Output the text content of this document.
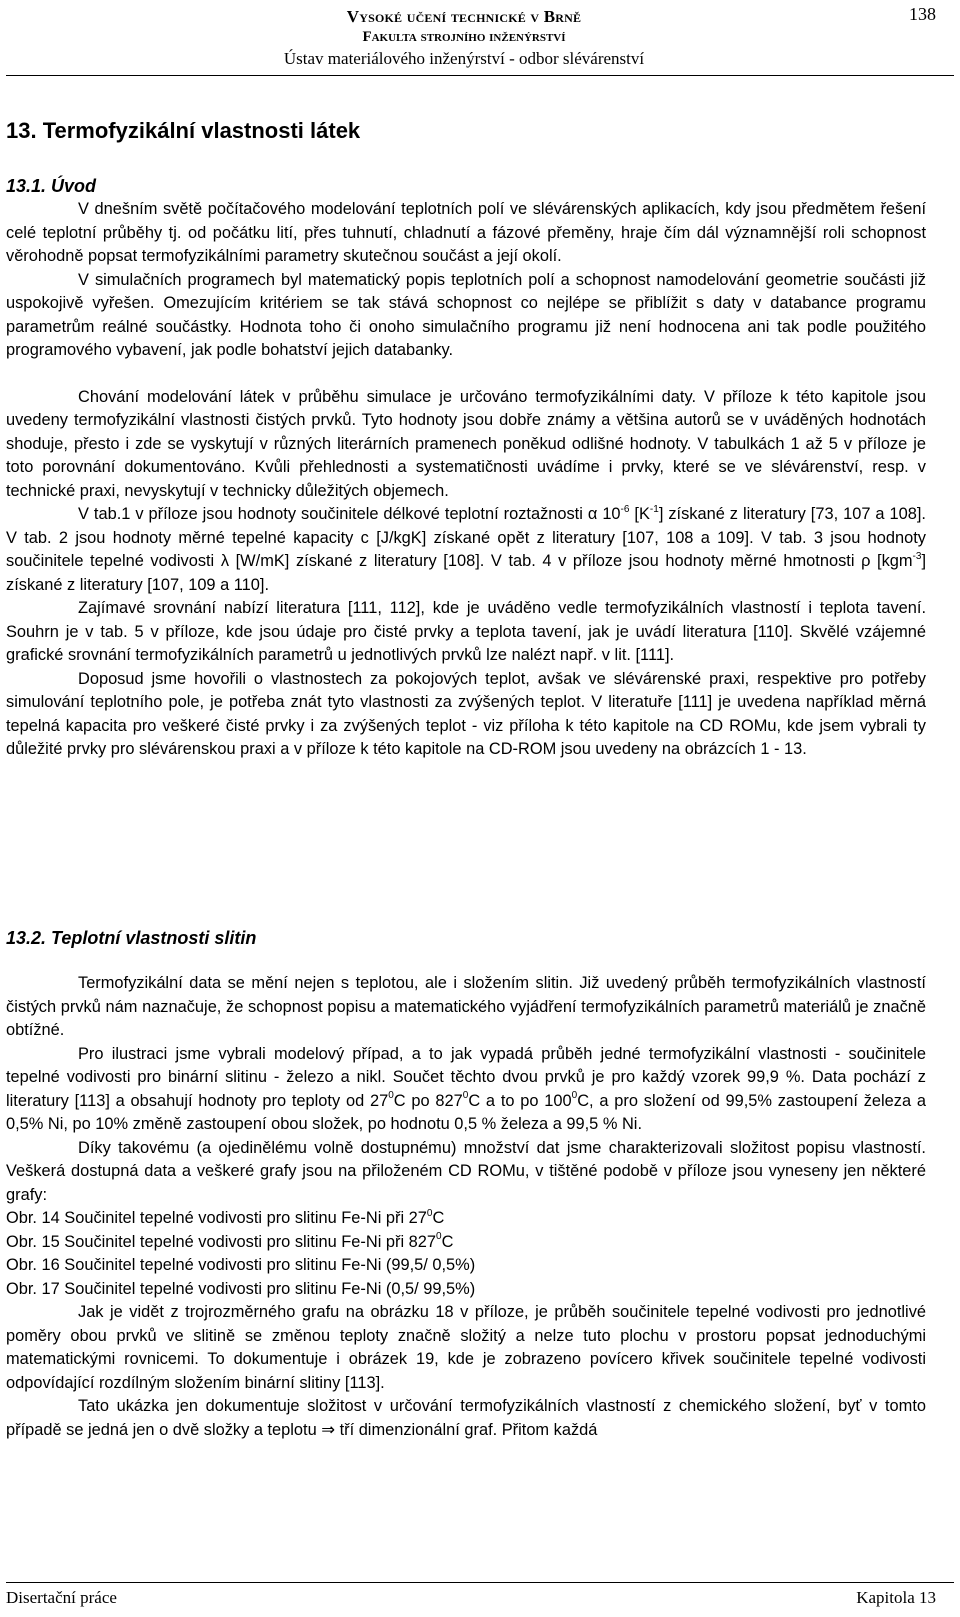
Vysoké učení technické v Brně
Fakulta strojního inženýrství
Ústav materiálového inženýrství - odbor slévárenství
138
13. Termofyzikální vlastnosti látek
13.1. Úvod

V dnešním světě počítačového modelování teplotních polí ve slévárenských aplikacích, kdy jsou předmětem řešení celé teplotní průběhy tj. od počátku lití, přes tuhnutí, chladnutí a fázové přeměny, hraje čím dál významnější roli schopnost věrohodně popsat termofyzikálními parametry skutečnou součást a její okolí.

V simulačních programech byl matematický popis teplotních polí a schopnost namodelování geometrie součásti již uspokojivě vyřešen. Omezujícím kritériem se tak stává schopnost co nejlépe se přiblížit s daty v databance programu parametrům reálné součástky. Hodnota toho či onoho simulačního programu již není hodnocena ani tak podle použitého programového vybavení, jak podle bohatství jejich databanky.

Chování modelování látek v průběhu simulace je určováno termofyzikálními daty. V příloze k této kapitole jsou uvedeny termofyzikální vlastnosti čistých prvků. Tyto hodnoty jsou dobře známy a většina autorů se v uváděných hodnotách shoduje, přesto i zde se vyskytují v různých literárních pramenech poněkud odlišné hodnoty. V tabulkách 1 až 5 v příloze je toto porovnání dokumentováno. Kvůli přehlednosti a systematičnosti uvádíme i prvky, které se ve slévárenství, resp. v technické praxi, nevyskytují v technicky důležitých objemech.

V tab.1 v příloze jsou hodnoty součinitele délkové teplotní roztažnosti α $10^{-6}$ $[K^{-1}]$ získané z literatury [73, 107 a 108]. V tab. 2 jsou hodnoty měrné tepelné kapacity c [J/kgK] získané opět z literatury [107, 108 a 109]. V tab. 3 jsou hodnoty součinitele tepelné vodivosti λ [W/mK] získané z literatury [108]. V tab. 4 v příloze jsou hodnoty měrné hmotnosti ρ [kgm$^{-3}$] získané z literatury [107, 109 a 110].

Zajímavé srovnání nabízí literatura [111, 112], kde je uváděno vedle termofyzikálních vlastností i teplota tavení. Souhrn je v tab. 5 v příloze, kde jsou údaje pro čisté prvky a teplota tavení, jak je uvádí literatura [110]. Skvělé vzájemné grafické srovnání termofyzikálních parametrů u jednotlivých prvků lze nalézt např. v lit. [111].

Doposud jsme hovořili o vlastnostech za pokojových teplot, avšak ve slévárenské praxi, respektive pro potřeby simulování teplotního pole, je potřeba znát tyto vlastnosti za zvýšených teplot. V literatuře [111] je uvedena například měrná tepelná kapacita pro veškeré čisté prvky i za zvýšených teplot - viz příloha k této kapitole na CD ROMu, kde jsem vybrali ty důležité prvky pro slévárenskou praxi a v příloze k této kapitole na CD-ROM jsou uvedeny na obrázcích 1 - 13.

13.2. Teplotní vlastnosti slitin

Termofyzikální data se mění nejen s teplotou, ale i složením slitin. Již uvedený průběh termofyzikálních vlastností čistých prvků nám naznačuje, že schopnost popisu a matematického vyjádření termofyzikálních parametrů materiálů je značně obtížné.

Pro ilustraci jsme vybrali modelový případ, a to jak vypadá průběh jedné termofyzikální vlastnosti - součinitele tepelné vodivosti pro binární slitinu - železo a nikl. Součet těchto dvou prvků je pro každý vzorek 99,9 %. Data pochází z literatury [113] a obsahují hodnoty pro teploty od $27^0C$ po $827^0C$ a to po $100^0C$, a pro složení od 99,5% zastoupení železa a 0,5% Ni, po 10% změně zastoupení obou složek, po hodnotu 0,5 % železa a 99,5 % Ni.

Díky takovému (a ojedinělému volně dostupnému) množství dat jsme charakterizovali složitost popisu vlastností. Veškerá dostupná data a veškeré grafy jsou na přiloženém CD ROMu, v tištěné podobě v příloze jsou vyneseny jen některé grafy:

Obr. 14 Součinitel tepelné vodivosti pro slitinu Fe-Ni při $27^0C$

Obr. 15 Součinitel tepelné vodivosti pro slitinu Fe-Ni při $827^0C$

Obr. 16 Součinitel tepelné vodivosti pro slitinu Fe-Ni (99,5/ 0,5%)

Obr. 17 Součinitel tepelné vodivosti pro slitinu Fe-Ni (0,5/ 99,5%)

Jak je vidět z trojrozměrného grafu na obrázku 18 v příloze, je průběh součinitele tepelné vodivosti pro jednotlivé poměry obou prvků ve slitině se změnou teploty značně složitý a nelze tuto plochu v prostoru popsat jednoduchými matematickými rovnicemi. To dokumentuje i obrázek 19, kde je zobrazeno povícero křivek součinitele tepelné vodivosti odpovídající rozdílným složením binární slitiny [113].

Tato ukázka jen dokumentuje složitost v určování termofyzikálních vlastností z chemického složení, byť v tomto případě se jedná jen o dvě složky a teplotu ⇒ tří dimenzionální graf. Přitom každá

Disertační práce	Kapitola 13
